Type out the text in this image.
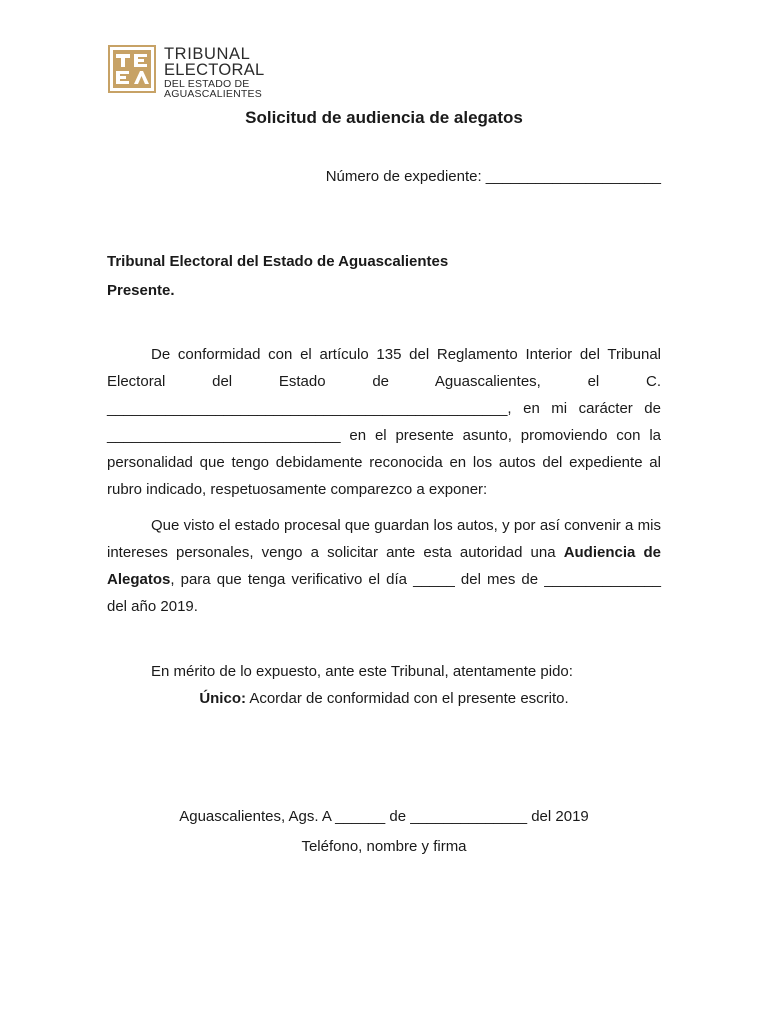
TRIBUNAL
ELECTORAL
DEL ESTADO DE
AGUASCALIENTES
Solicitud de audiencia de alegatos
Número de expediente: _____________________
Tribunal Electoral del Estado de Aguascalientes
Presente.

De conformidad con el artículo 135 del Reglamento Interior del Tribunal Electoral del Estado de Aguascalientes, el C. ________________________________________________, en mi carácter de ____________________________ en el presente asunto, promoviendo con la personalidad que tengo debidamente reconocida en los autos del expediente al rubro indicado, respetuosamente comparezco a exponer:

Que visto el estado procesal que guardan los autos, y por así convenir a mis intereses personales, vengo a solicitar ante esta autoridad una Audiencia de Alegatos, para que tenga verificativo el día _____ del mes de ______________ del año 2019.

En mérito de lo expuesto, ante este Tribunal, atentamente pido:

Único: Acordar de conformidad con el presente escrito.
Aguascalientes, Ags. A ______ de ______________ del 2019
Teléfono, nombre y firma
